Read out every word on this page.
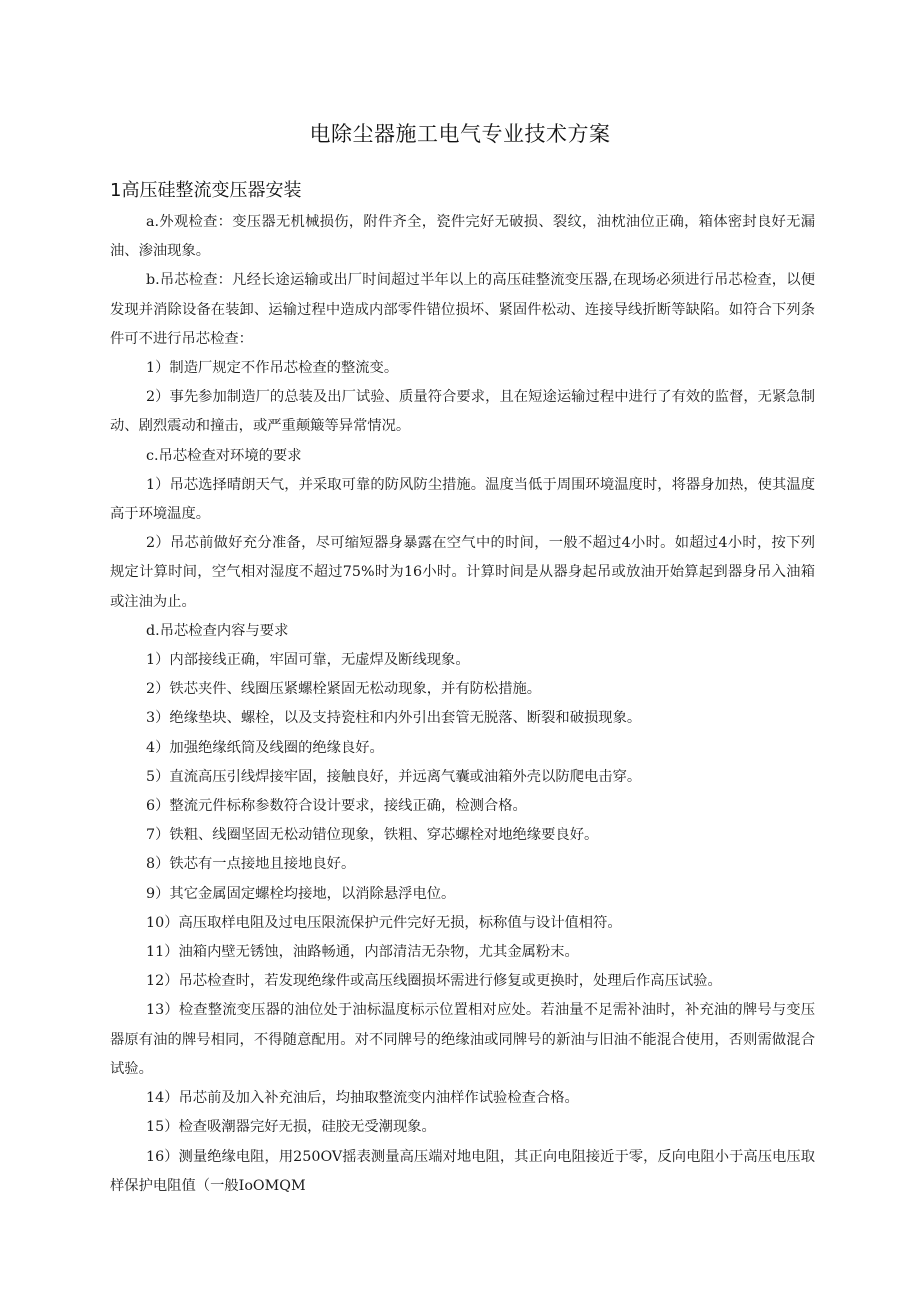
电除尘器施工电气专业技术方案
1高压硅整流变压器安装

a.外观检查：变压器无机械损伤，附件齐全，瓷件完好无破损、裂纹，油枕油位正确，箱体密封良好无漏油、渗油现象。

b.吊芯检查：凡经长途运输或出厂时间超过半年以上的高压硅整流变压器,在现场必须进行吊芯检查，以便发现并消除设备在装卸、运输过程中造成内部零件错位损坏、紧固件松动、连接导线折断等缺陷。如符合下列条件可不进行吊芯检查：

1）制造厂规定不作吊芯检查的整流变。

2）事先参加制造厂的总装及出厂试验、质量符合要求，且在短途运输过程中进行了有效的监督，无紧急制动、剧烈震动和撞击，或严重颠簸等异常情况。

c.吊芯检查对环境的要求

1）吊芯选择晴朗天气，并采取可靠的防风防尘措施。温度当低于周围环境温度时，将器身加热，使其温度高于环境温度。

2）吊芯前做好充分准备，尽可缩短器身暴露在空气中的时间，一般不超过4小时。如超过4小时，按下列规定计算时间，空气相对湿度不超过75%时为16小时。计算时间是从器身起吊或放油开始算起到器身吊入油箱或注油为止。

d.吊芯检查内容与要求

1）内部接线正确，牢固可靠，无虚焊及断线现象。

2）铁芯夹件、线圈压紧螺栓紧固无松动现象，并有防松措施。

3）绝缘垫块、螺栓，以及支持瓷柱和内外引出套管无脱落、断裂和破损现象。

4）加强绝缘纸筒及线圈的绝缘良好。

5）直流高压引线焊接牢固，接触良好，并远离气囊或油箱外壳以防爬电击穿。

6）整流元件标称参数符合设计要求，接线正确，检测合格。

7）铁粗、线圈坚固无松动错位现象，铁粗、穿芯螺栓对地绝缘要良好。

8）铁芯有一点接地且接地良好。

9）其它金属固定螺栓均接地，以消除悬浮电位。

10）高压取样电阻及过电压限流保护元件完好无损，标称值与设计值相符。

11）油箱内壁无锈蚀，油路畅通，内部清洁无杂物，尤其金属粉末。

12）吊芯检查时，若发现绝缘件或高压线圈损坏需进行修复或更换时，处理后作高压试验。

13）检查整流变压器的油位处于油标温度标示位置相对应处。若油量不足需补油时，补充油的牌号与变压器原有油的牌号相同，不得随意配用。对不同牌号的绝缘油或同牌号的新油与旧油不能混合使用，否则需做混合试验。

14）吊芯前及加入补充油后，均抽取整流变内油样作试验检查合格。

15）检查吸潮器完好无损，硅胶无受潮现象。

16）测量绝缘电阻，用250OV摇表测量高压端对地电阻，其正向电阻接近于零，反向电阻小于高压电压取样保护电阻值（一般IoOMQM
